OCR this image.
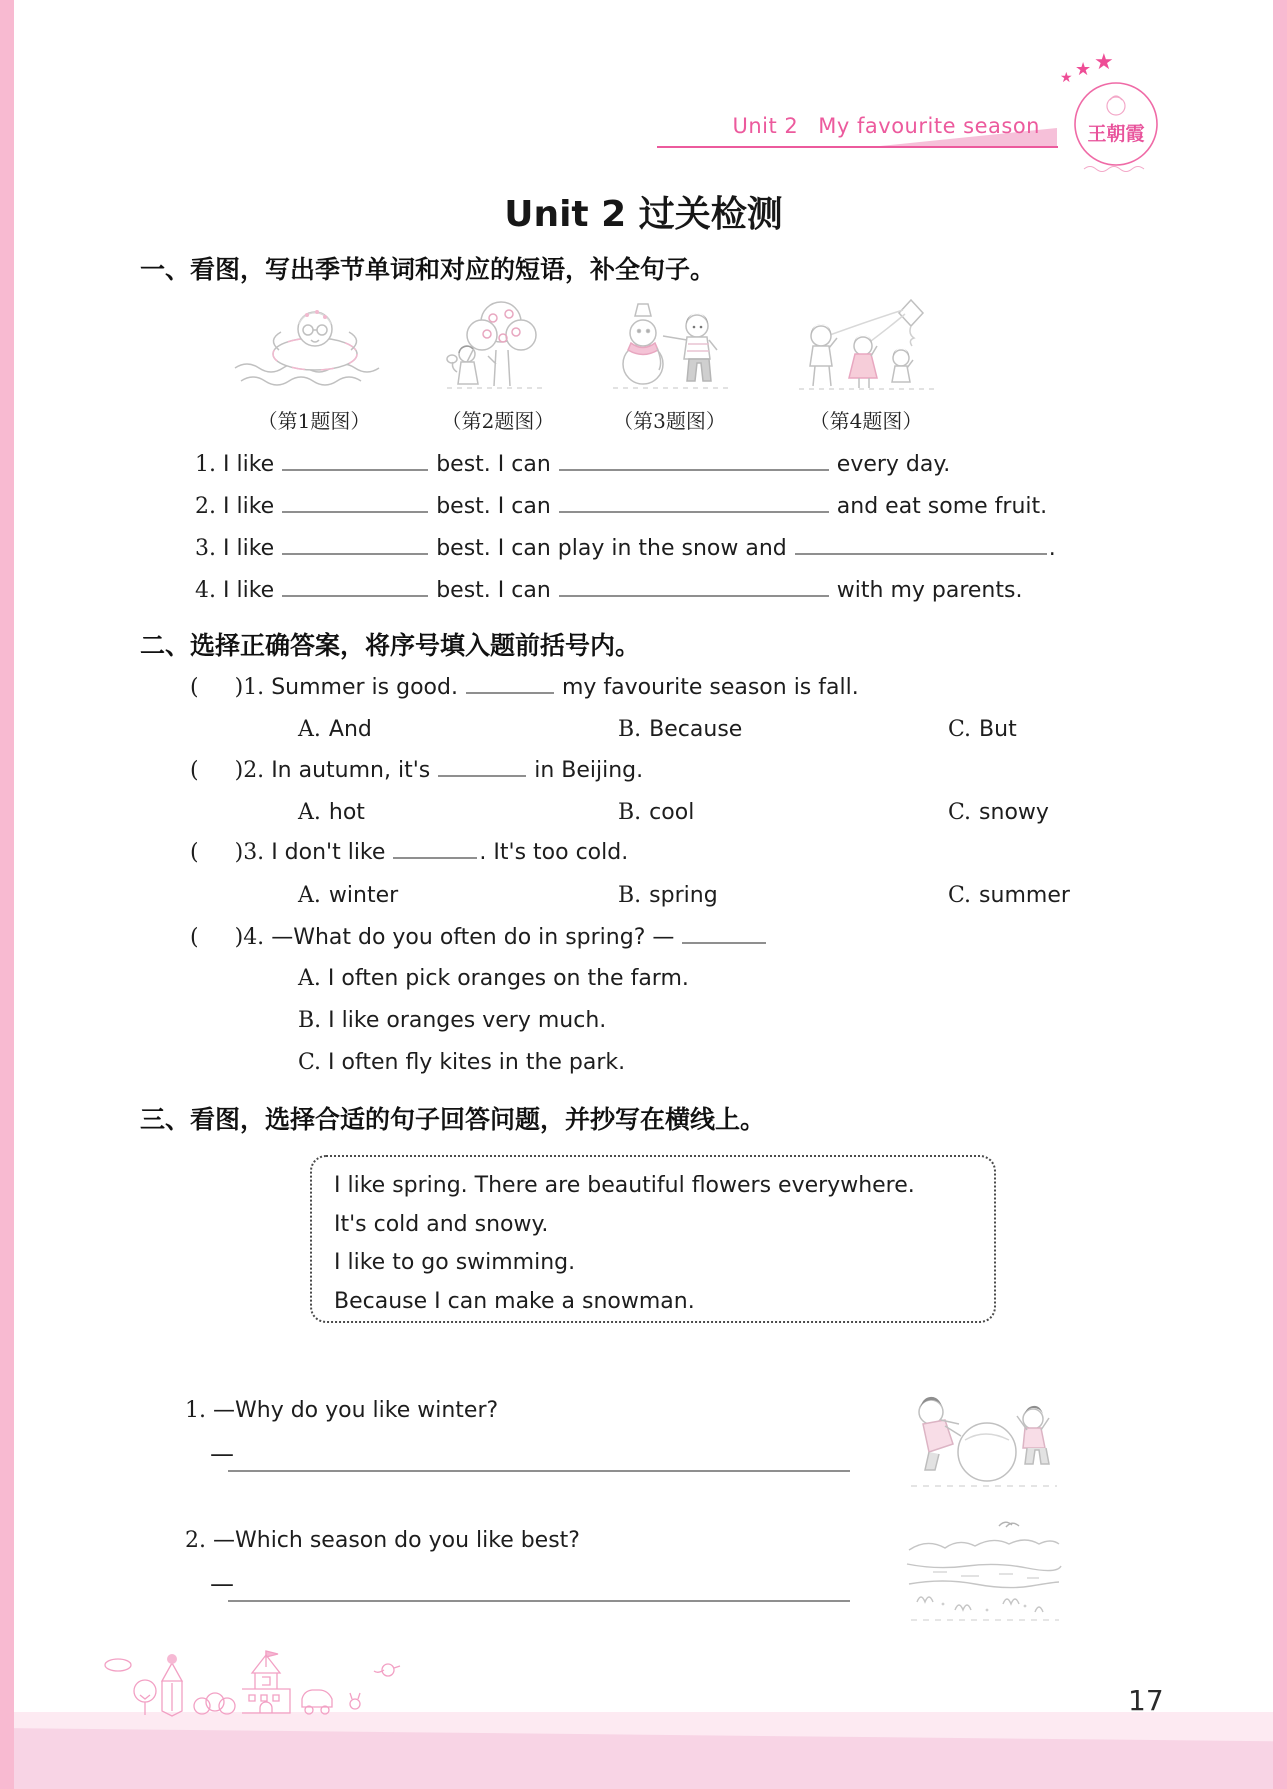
17
Unit 2 My favourite season
★ ★ ★
王朝霞
Unit 2 过关检测
一、看图，写出季节单词和对应的短语，补全句子。
（第1题图）	（第2题图）	（第3题图）	（第4题图）
1. I like	best. I can	every day.
2. I like	best. I can	and eat some fruit.
3. I like	best. I can play in the snow and	.
4. I like	best. I can	with my parents.
二、选择正确答案，将序号填入题前括号内。
( )1. Summer is good.	my favourite season is fall.
A. And	B. Because	C. But
( )2. In autumn, it's	in Beijing.
A. hot	B. cool	C. snowy
( )3. I don't like	. It's too cold.
A. winter	B. spring	C. summer
( )4. —What do you often do in spring? —
A. I often pick oranges on the farm.
B. I like oranges very much.
C. I often fly kites in the park.
三、看图，选择合适的句子回答问题，并抄写在横线上。

I like spring. There are beautiful flowers everywhere.

It's cold and snowy.

I like to go swimming.

Because I can make a snowman.

1. —Why do you like winter?
—
2. —Which season do you like best?
—
